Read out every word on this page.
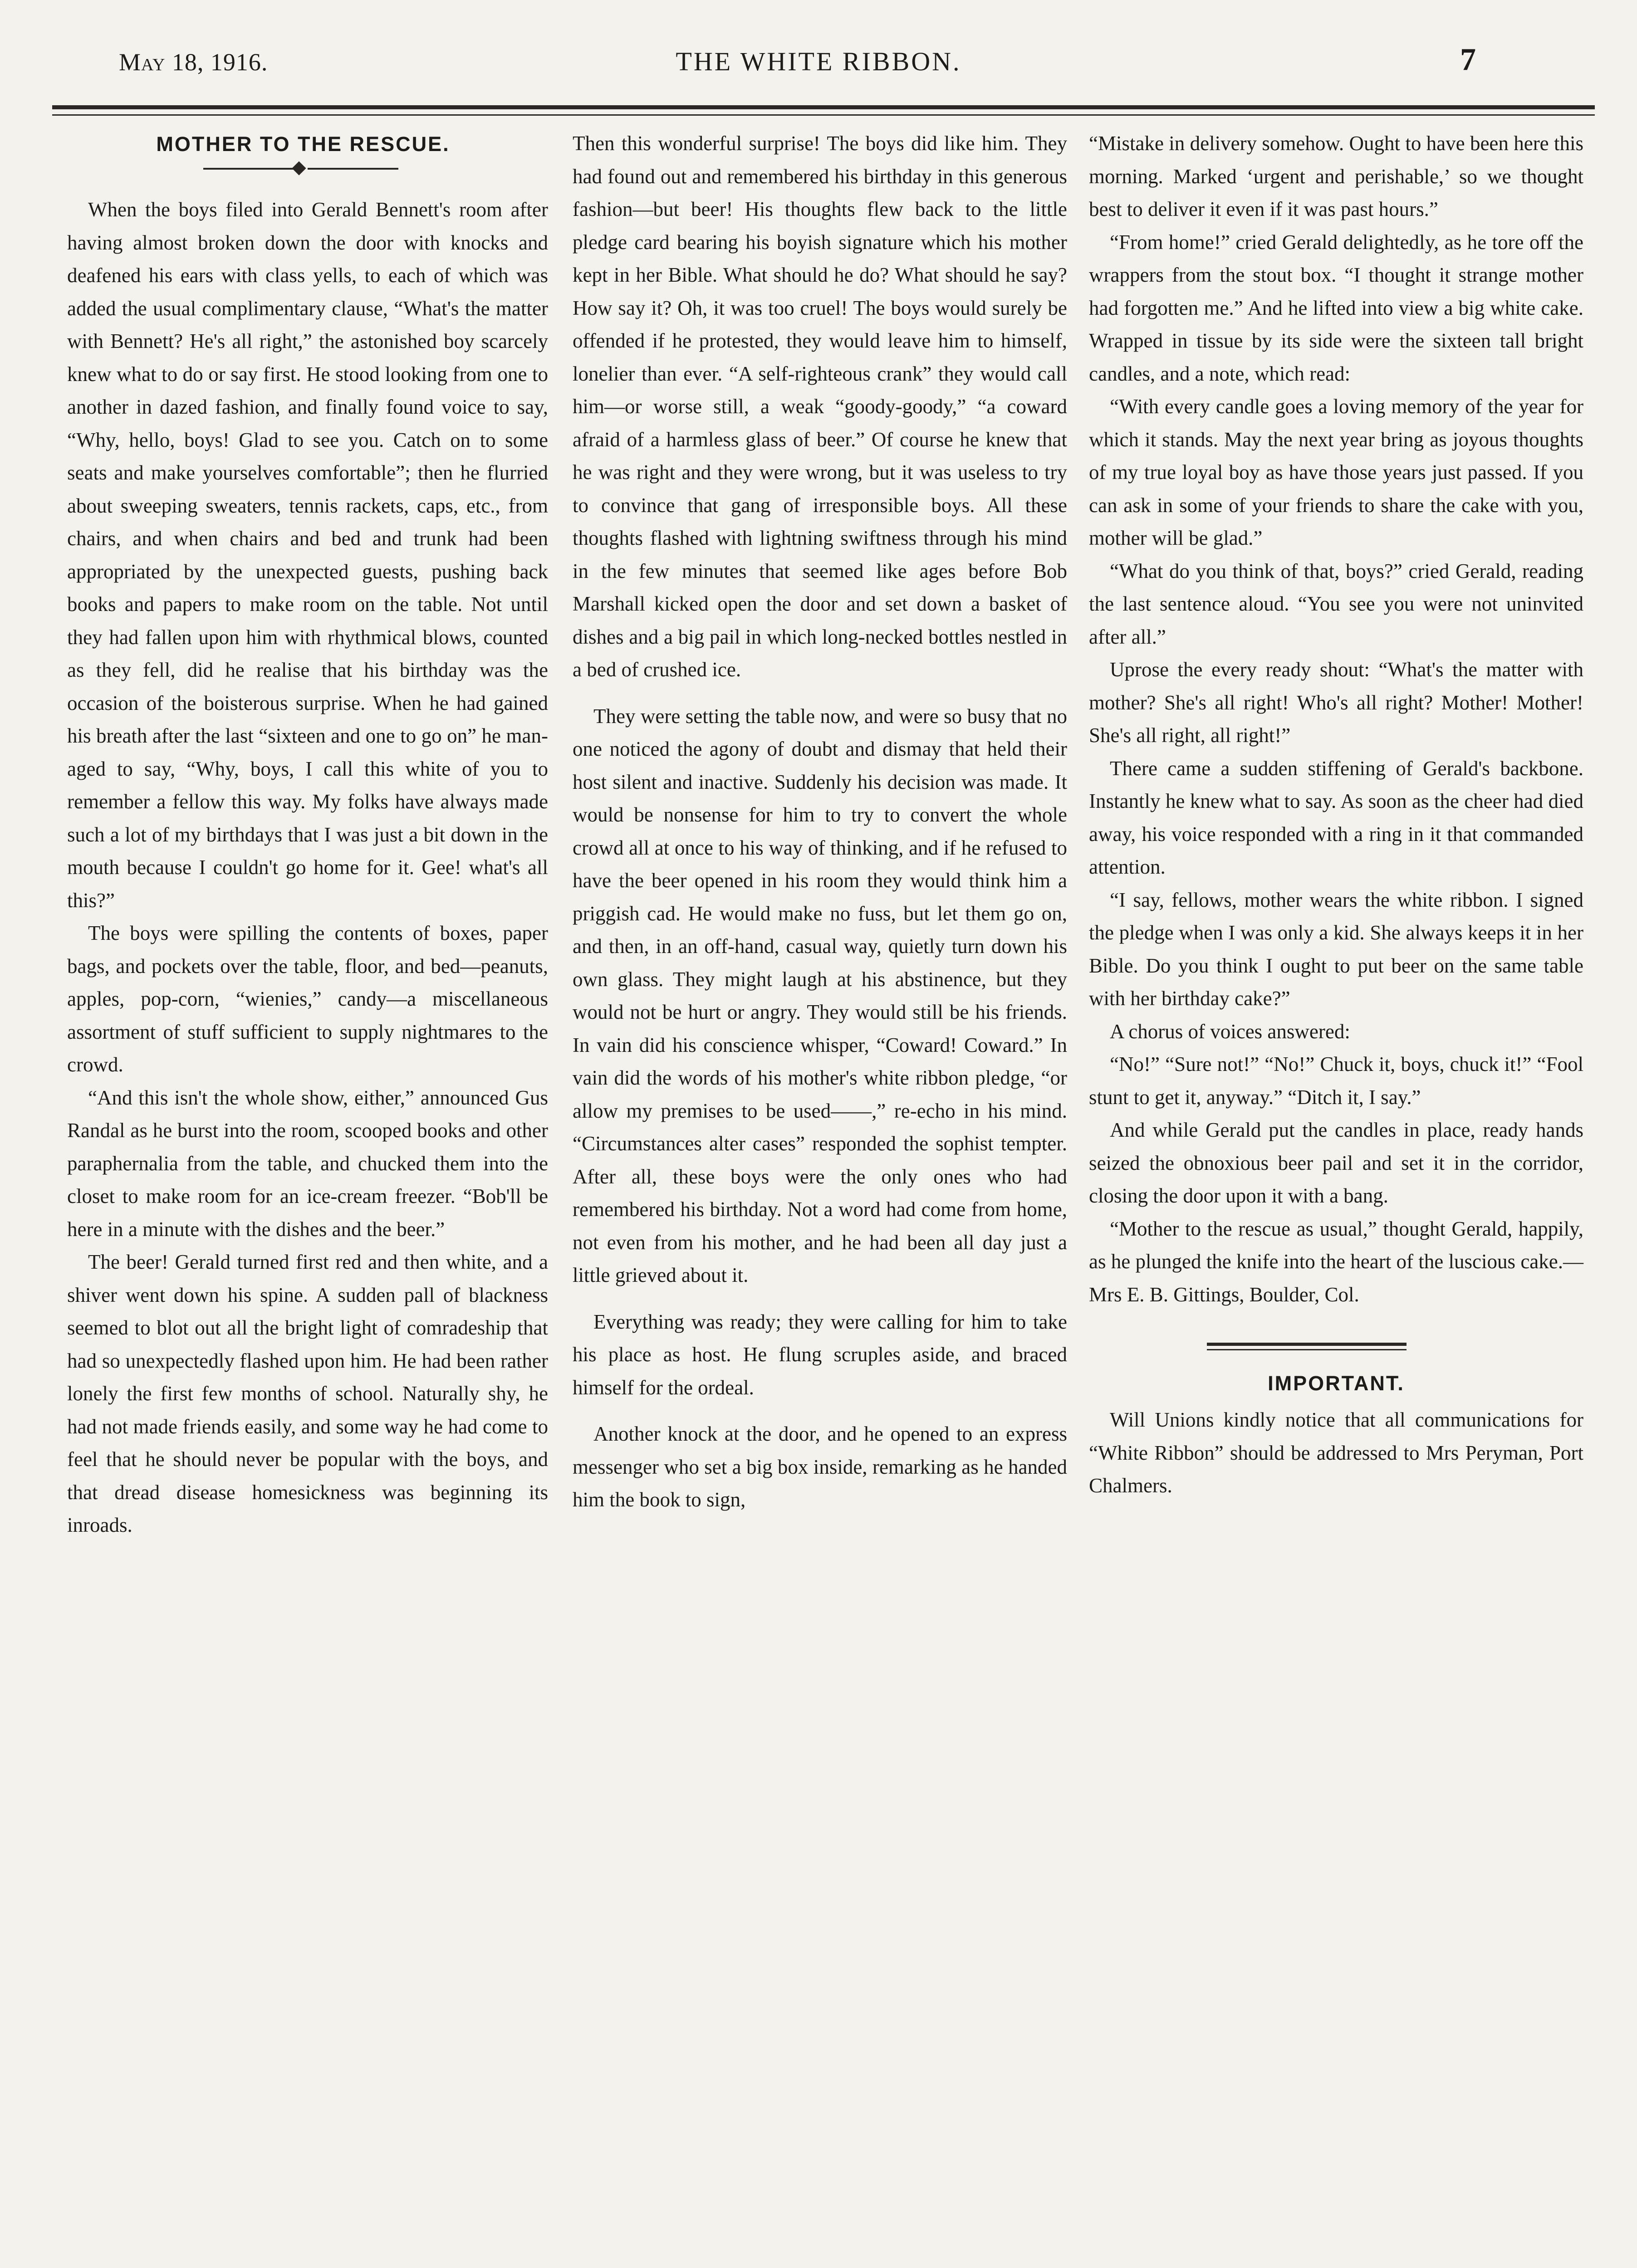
May 18, 1916.	THE WHITE RIBBON.	7
MOTHER TO THE RESCUE.

When the boys filed into Gerald Bennett's room after having almost broken down the door with knocks and deafened his ears with class yells, to each of which was added the usual complimentary clause, “What's the matter with Bennett? He's all right,” the astonished boy scarcely knew what to do or say first. He stood looking from one to another in dazed fashion, and finally found voice to say, “Why, hello, boys! Glad to see you. Catch on to some seats and make yourselves comfortable”; then he flurried about sweeping sweaters, tennis rackets, caps, etc., from chairs, and when chairs and bed and trunk had been appropriated by the unexpected guests, pushing back books and papers to make room on the table. Not until they had fallen upon him with rhythmical blows, counted as they fell, did he realise that his birthday was the occasion of the boisterous surprise. When he had gained his breath after the last “sixteen and one to go on” he managed to say, “Why, boys, I call this white of you to remember a fellow this way. My folks have always made such a lot of my birthdays that I was just a bit down in the mouth because I couldn't go home for it. Gee! what's all this?”

The boys were spilling the contents of boxes, paper bags, and pockets over the table, floor, and bed—peanuts, apples, pop-corn, “wienies,” candy—a miscellaneous assortment of stuff sufficient to supply nightmares to the crowd.

“And this isn't the whole show, either,” announced Gus Randal as he burst into the room, scooped books and other paraphernalia from the table, and chucked them into the closet to make room for an ice-cream freezer. “Bob'll be here in a minute with the dishes and the beer.”

The beer! Gerald turned first red and then white, and a shiver went down his spine. A sudden pall of blackness seemed to blot out all the bright light of comradeship that had so unexpectedly flashed upon him. He had been rather lonely the first few months of school. Naturally shy, he had not made friends easily, and some way he had come to feel that he should never be popular with the boys, and that dread disease homesickness was beginning its inroads.

Then this wonderful surprise! The boys did like him. They had found out and remembered his birthday in this generous fashion—but beer! His thoughts flew back to the little pledge card bearing his boyish signature which his mother kept in her Bible. What should he do? What should he say? How say it? Oh, it was too cruel! The boys would surely be offended if he protested, they would leave him to himself, lonelier than ever. “A self-righteous crank” they would call him—or worse still, a weak “goody-goody,” “a coward afraid of a harmless glass of beer.” Of course he knew that he was right and they were wrong, but it was useless to try to convince that gang of irresponsible boys. All these thoughts flashed with lightning swiftness through his mind in the few minutes that seemed like ages before Bob Marshall kicked open the door and set down a basket of dishes and a big pail in which long-necked bottles nestled in a bed of crushed ice.

They were setting the table now, and were so busy that no one noticed the agony of doubt and dismay that held their host silent and inactive. Suddenly his decision was made. It would be nonsense for him to try to convert the whole crowd all at once to his way of thinking, and if he refused to have the beer opened in his room they would think him a priggish cad. He would make no fuss, but let them go on, and then, in an off-hand, casual way, quietly turn down his own glass. They might laugh at his abstinence, but they would not be hurt or angry. They would still be his friends. In vain did his conscience whisper, “Coward! Coward.” In vain did the words of his mother's white ribbon pledge, “or allow my premises to be used——,” re-echo in his mind. “Circumstances alter cases” responded the sophist tempter. After all, these boys were the only ones who had remembered his birthday. Not a word had come from home, not even from his mother, and he had been all day just a little grieved about it.

Everything was ready; they were calling for him to take his place as host. He flung scruples aside, and braced himself for the ordeal.

Another knock at the door, and he opened to an express messenger who set a big box inside, remarking as he handed him the book to sign,

“Mistake in delivery somehow. Ought to have been here this morning. Marked ‘urgent and perishable,’ so we thought best to deliver it even if it was past hours.”

“From home!” cried Gerald delightedly, as he tore off the wrappers from the stout box. “I thought it strange mother had forgotten me.” And he lifted into view a big white cake. Wrapped in tissue by its side were the sixteen tall bright candles, and a note, which read:

“With every candle goes a loving memory of the year for which it stands. May the next year bring as joyous thoughts of my true loyal boy as have those years just passed. If you can ask in some of your friends to share the cake with you, mother will be glad.”

“What do you think of that, boys?” cried Gerald, reading the last sentence aloud. “You see you were not uninvited after all.”

Uprose the every ready shout: “What's the matter with mother? She's all right! Who's all right? Mother! Mother! She's all right, all right!”

There came a sudden stiffening of Gerald's backbone. Instantly he knew what to say. As soon as the cheer had died away, his voice responded with a ring in it that commanded attention.

“I say, fellows, mother wears the white ribbon. I signed the pledge when I was only a kid. She always keeps it in her Bible. Do you think I ought to put beer on the same table with her birthday cake?”

A chorus of voices answered:

“No!” “Sure not!” “No!” Chuck it, boys, chuck it!” “Fool stunt to get it, anyway.” “Ditch it, I say.”

And while Gerald put the candles in place, ready hands seized the obnoxious beer pail and set it in the corridor, closing the door upon it with a bang.

“Mother to the rescue as usual,” thought Gerald, happily, as he plunged the knife into the heart of the luscious cake.—Mrs E. B. Gittings, Boulder, Col.

IMPORTANT.

Will Unions kindly notice that all communications for “White Ribbon” should be addressed to Mrs Peryman, Port Chalmers.
